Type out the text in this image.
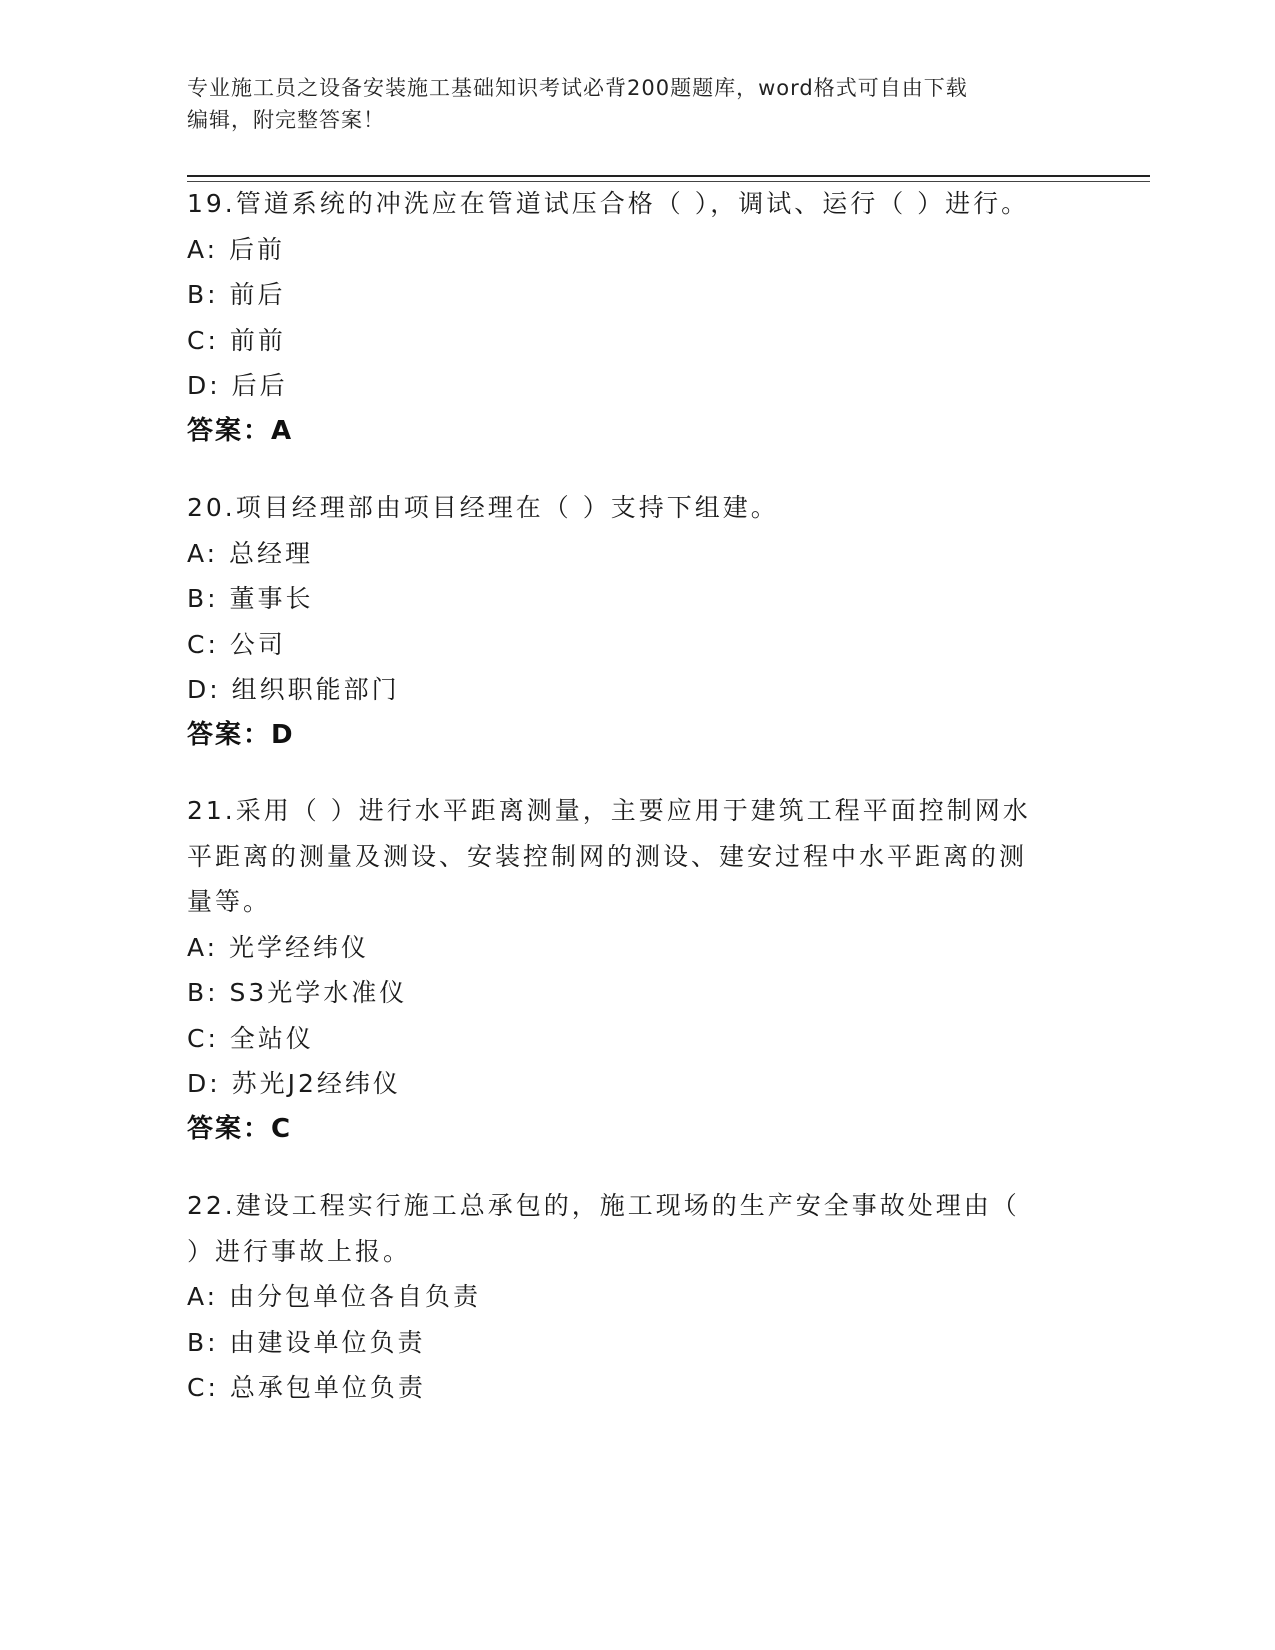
专业施工员之设备安装施工基础知识考试必背200题题库，word格式可自由下载
编辑，附完整答案！
19.管道系统的冲洗应在管道试压合格（ ），调试、运行（ ）进行。
A: 后前
B: 前后
C: 前前
D: 后后
答案：A
20.项目经理部由项目经理在（ ）支持下组建。
A: 总经理
B: 董事长
C: 公司
D: 组织职能部门
答案：D
21.采用（ ）进行水平距离测量，主要应用于建筑工程平面控制网水
平距离的测量及测设、安装控制网的测设、建安过程中水平距离的测
量等。
A: 光学经纬仪
B: S3光学水准仪
C: 全站仪
D: 苏光J2经纬仪
答案：C
22.建设工程实行施工总承包的，施工现场的生产安全事故处理由（
）进行事故上报。
A: 由分包单位各自负责
B: 由建设单位负责
C: 总承包单位负责
